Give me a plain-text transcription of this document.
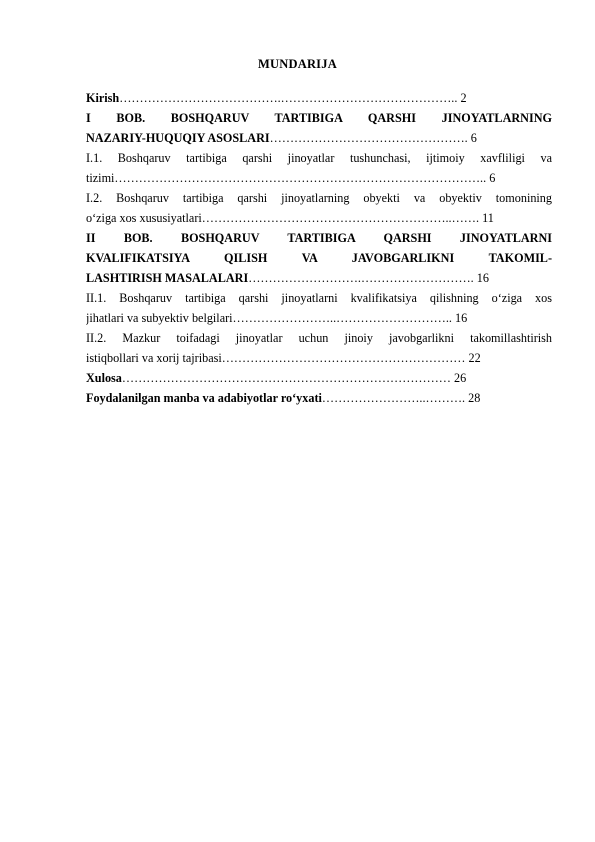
MUNDARIJA
Kirish………………………………….…………………………………….. 2
I BOB. BOSHQARUV TARTIBIGA QARSHI JINOYATLARNING
NAZARIY-HUQUQIY ASOSLARI…………………………………………. 6
I.1. Boshqaruv tartibiga qarshi jinoyatlar tushunchasi, ijtimoiy xavfliligi va
tizimi……………………………………………………………………………….. 6
I.2. Boshqaruv tartibiga qarshi jinoyatlarning obyekti va obyektiv tomonining
o‘ziga xos xususiyatlari……………………………………………………..……. 11
II BOB. BOSHQARUV TARTIBIGA QARSHI JINOYATLARNI
KVALIFIKATSIYA QILISH VA JAVOBGARLIKNI TAKOMIL-
LASHTIRISH MASALALARI……………………….………………………. 16
II.1. Boshqaruv tartibiga qarshi jinoyatlarni kvalifikatsiya qilishning o‘ziga xos
jihatlari va subyektiv belgilari……………………..……………………….. 16
II.2. Mazkur toifadagi jinoyatlar uchun jinoiy javobgarlikni takomillashtirish
istiqbollari va xorij tajribasi…………………………………………………… 22
Xulosa……………………………………………………………………… 26
Foydalanilgan manba va adabiyotlar ro‘yxati……………………..………. 28
